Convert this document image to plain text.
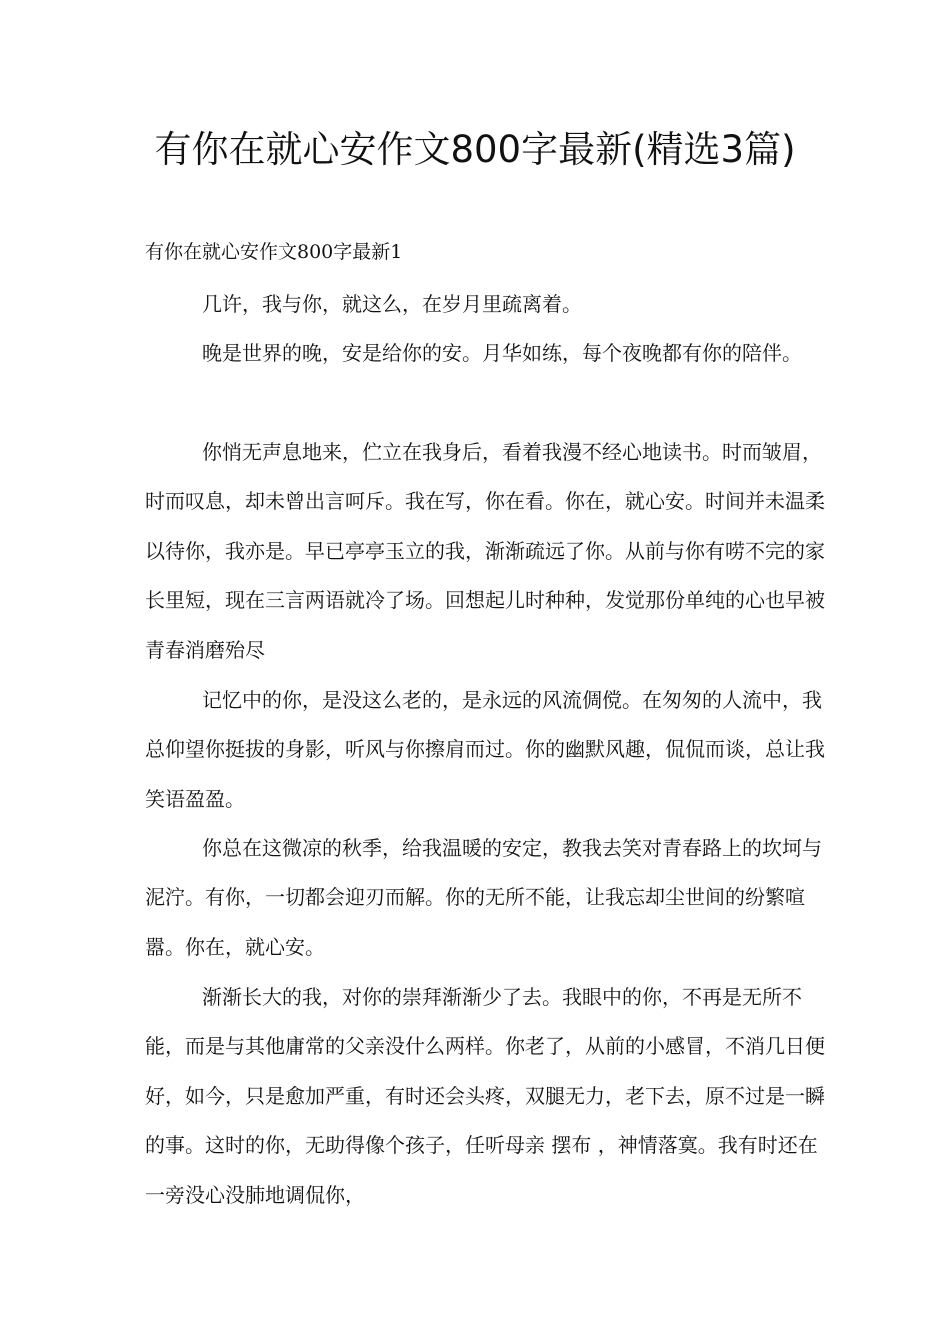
有你在就心安作文800字最新(精选3篇)
有你在就心安作文800字最新1

几许，我与你，就这么，在岁月里疏离着。

晚是世界的晚，安是给你的安。月华如练，每个夜晚都有你的陪伴。

你悄无声息地来，伫立在我身后，看着我漫不经心地读书。时而皱眉，时而叹息，却未曾出言呵斥。我在写，你在看。你在，就心安。时间并未温柔以待你，我亦是。早已亭亭玉立的我，渐渐疏远了你。从前与你有唠不完的家长里短，现在三言两语就冷了场。回想起儿时种种，发觉那份单纯的心也早被青春消磨殆尽

记忆中的你，是没这么老的，是永远的风流倜傥。在匆匆的人流中，我总仰望你挺拔的身影，听风与你擦肩而过。你的幽默风趣，侃侃而谈，总让我笑语盈盈。

你总在这微凉的秋季，给我温暖的安定，教我去笑对青春路上的坎坷与泥泞。有你，一切都会迎刃而解。你的无所不能，让我忘却尘世间的纷繁喧嚣。你在，就心安。

渐渐长大的我，对你的崇拜渐渐少了去。我眼中的你，不再是无所不能，而是与其他庸常的父亲没什么两样。你老了，从前的小感冒，不消几日便好，如今，只是愈加严重，有时还会头疼，双腿无力，老下去，原不过是一瞬的事。这时的你，无助得像个孩子，任听母亲 摆布 ，神情落寞。我有时还在一旁没心没肺地调侃你，
